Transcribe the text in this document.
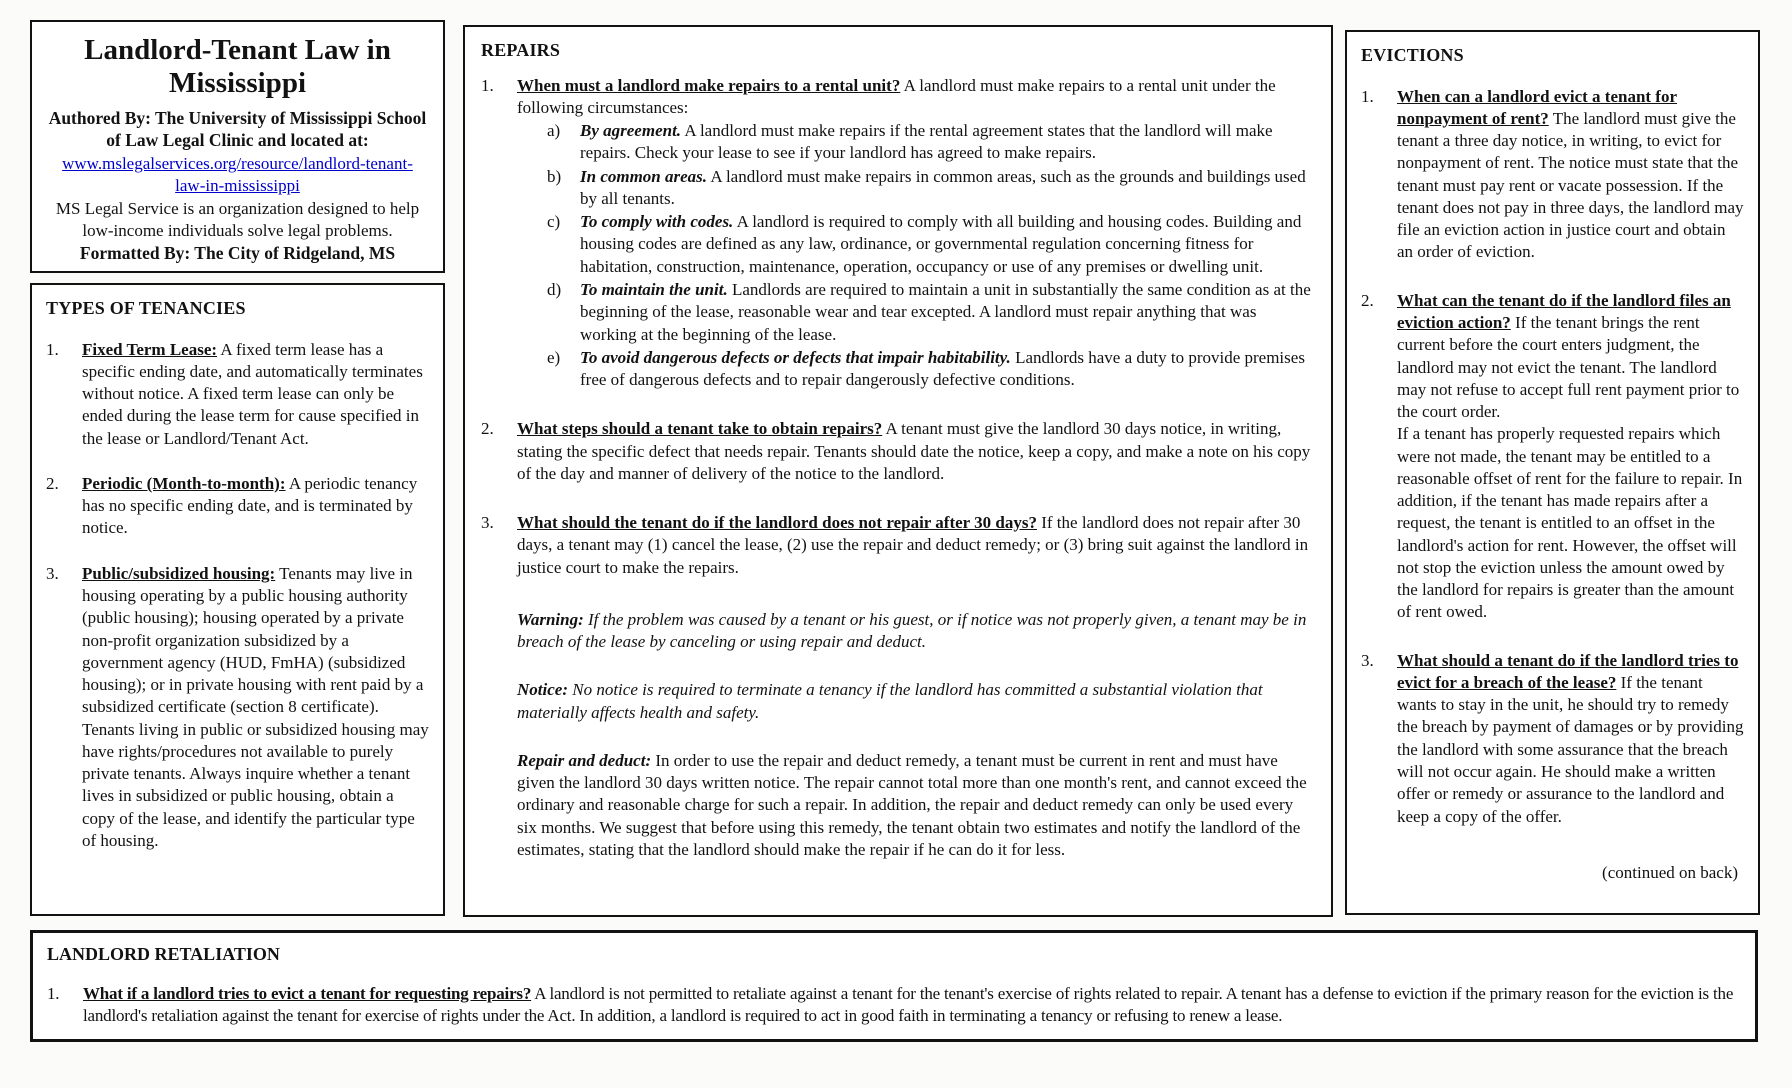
Landlord-Tenant Law in Mississippi

Authored By: The University of Mississippi School of Law Legal Clinic and located at:

www.mslegalservices.org/resource/landlord-tenant-law-in-mississippi

MS Legal Service is an organization designed to help low-income individuals solve legal problems.

Formatted By: The City of Ridgeland, MS

TYPES OF TENANCIES
1.	Fixed Term Lease: A fixed term lease has a specific ending date, and automatically terminates without notice. A fixed term lease can only be ended during the lease term for cause specified in the lease or Landlord/Tenant Act.
2.	Periodic (Month-to-month): A periodic tenancy has no specific ending date, and is terminated by notice.
3.	Public/subsidized housing: Tenants may live in housing operating by a public housing authority (public housing); housing operated by a private non-profit organization subsidized by a government agency (HUD, FmHA) (subsidized housing); or in private housing with rent paid by a subsidized certificate (section 8 certificate). Tenants living in public or subsidized housing may have rights/procedures not available to purely private tenants. Always inquire whether a tenant lives in subsidized or public housing, obtain a copy of the lease, and identify the particular type of housing.
REPAIRS
1.	When must a landlord make repairs to a rental unit? A landlord must make repairs to a rental unit under the following circumstances:
a)	By agreement. A landlord must make repairs if the rental agreement states that the landlord will make repairs. Check your lease to see if your landlord has agreed to make repairs.
b)	In common areas. A landlord must make repairs in common areas, such as the grounds and buildings used by all tenants.
c)	To comply with codes. A landlord is required to comply with all building and housing codes. Building and housing codes are defined as any law, ordinance, or governmental regulation concerning fitness for habitation, construction, maintenance, operation, occupancy or use of any premises or dwelling unit.
d)	To maintain the unit. Landlords are required to maintain a unit in substantially the same condition as at the beginning of the lease, reasonable wear and tear excepted. A landlord must repair anything that was working at the beginning of the lease.
e)	To avoid dangerous defects or defects that impair habitability. Landlords have a duty to provide premises free of dangerous defects and to repair dangerously defective conditions.
2.	What steps should a tenant take to obtain repairs? A tenant must give the landlord 30 days notice, in writing, stating the specific defect that needs repair. Tenants should date the notice, keep a copy, and make a note on his copy of the day and manner of delivery of the notice to the landlord.
3.	What should the tenant do if the landlord does not repair after 30 days? If the landlord does not repair after 30 days, a tenant may (1) cancel the lease, (2) use the repair and deduct remedy; or (3) bring suit against the landlord in justice court to make the repairs.
Warning: If the problem was caused by a tenant or his guest, or if notice was not properly given, a tenant may be in breach of the lease by canceling or using repair and deduct.
Notice: No notice is required to terminate a tenancy if the landlord has committed a substantial violation that materially affects health and safety.
Repair and deduct: In order to use the repair and deduct remedy, a tenant must be current in rent and must have given the landlord 30 days written notice. The repair cannot total more than one month's rent, and cannot exceed the ordinary and reasonable charge for such a repair. In addition, the repair and deduct remedy can only be used every six months. We suggest that before using this remedy, the tenant obtain two estimates and notify the landlord of the estimates, stating that the landlord should make the repair if he can do it for less.
EVICTIONS
1.	When can a landlord evict a tenant for nonpayment of rent? The landlord must give the tenant a three day notice, in writing, to evict for nonpayment of rent. The notice must state that the tenant must pay rent or vacate possession. If the tenant does not pay in three days, the landlord may file an eviction action in justice court and obtain an order of eviction.
2.	What can the tenant do if the landlord files an eviction action? If the tenant brings the rent current before the court enters judgment, the landlord may not evict the tenant. The landlord may not refuse to accept full rent payment prior to the court order.
If a tenant has properly requested repairs which were not made, the tenant may be entitled to a reasonable offset of rent for the failure to repair. In addition, if the tenant has made repairs after a request, the tenant is entitled to an offset in the landlord's action for rent. However, the offset will not stop the eviction unless the amount owed by the landlord for repairs is greater than the amount of rent owed.
3.	What should a tenant do if the landlord tries to evict for a breach of the lease? If the tenant wants to stay in the unit, he should try to remedy the breach by payment of damages or by providing the landlord with some assurance that the breach will not occur again. He should make a written offer or remedy or assurance to the landlord and keep a copy of the offer.
(continued on back)
LANDLORD RETALIATION
1.	What if a landlord tries to evict a tenant for requesting repairs? A landlord is not permitted to retaliate against a tenant for the tenant's exercise of rights related to repair. A tenant has a defense to eviction if the primary reason for the eviction is the landlord's retaliation against the tenant for exercise of rights under the Act. In addition, a landlord is required to act in good faith in terminating a tenancy or refusing to renew a lease.
